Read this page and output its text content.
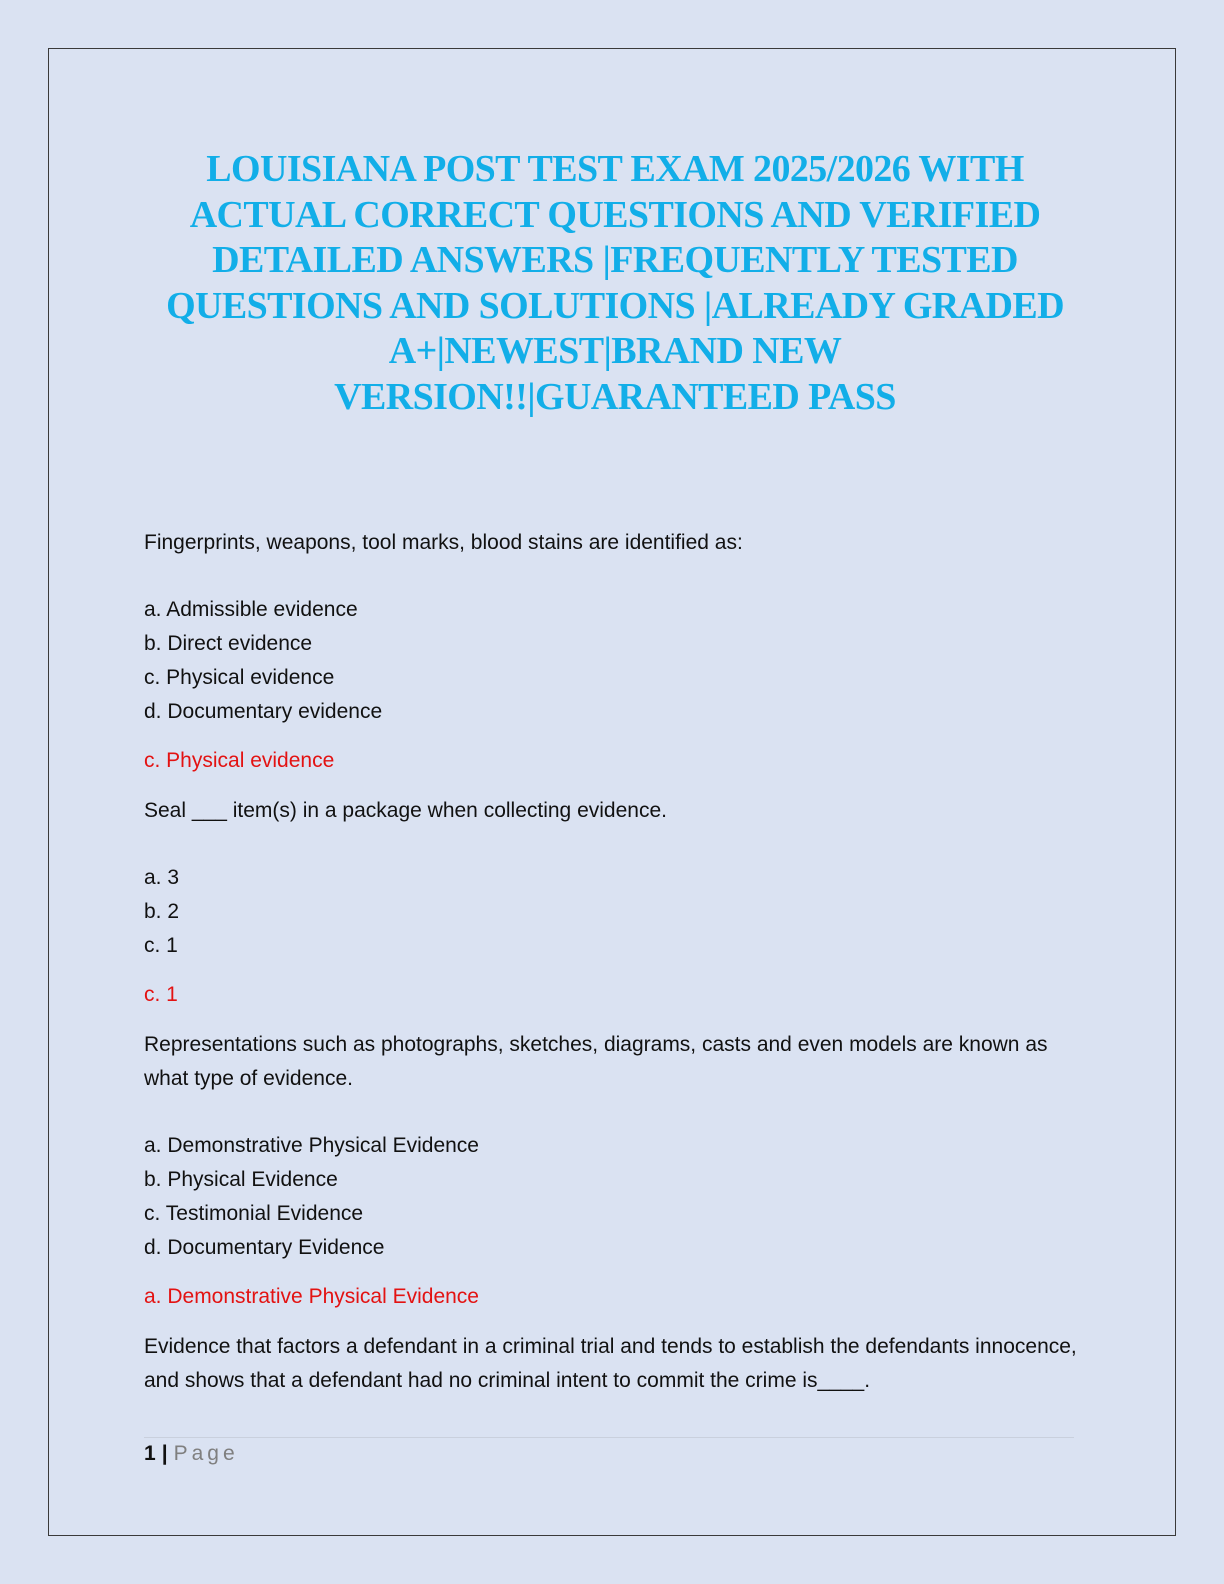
LOUISIANA POST TEST EXAM 2025/2026 WITH
ACTUAL CORRECT QUESTIONS AND VERIFIED
DETAILED ANSWERS |FREQUENTLY TESTED
QUESTIONS AND SOLUTIONS |ALREADY GRADED
A+|NEWEST|BRAND NEW
VERSION!!|GUARANTEED PASS

Fingerprints, weapons, tool marks, blood stains are identified as:

a. Admissible evidence

b. Direct evidence

c. Physical evidence

d. Documentary evidence

c. Physical evidence

Seal ___ item(s) in a package when collecting evidence.

a. 3

b. 2

c. 1

c. 1

Representations such as photographs, sketches, diagrams, casts and even models are known as what type of evidence.

a. Demonstrative Physical Evidence

b. Physical Evidence

c. Testimonial Evidence

d. Documentary Evidence

a. Demonstrative Physical Evidence

Evidence that factors a defendant in a criminal trial and tends to establish the defendants innocence, and shows that a defendant had no criminal intent to commit the crime is____.

1 | Page
